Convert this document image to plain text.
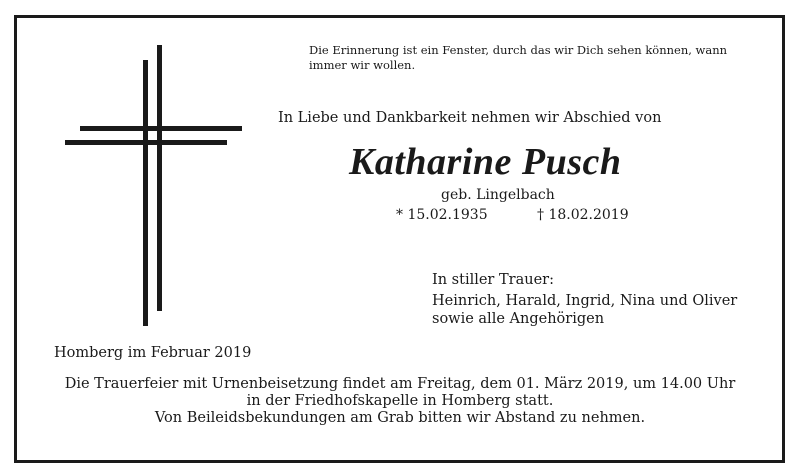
Die Erinnerung ist ein Fenster, durch das wir Dich sehen können, wann immer wir wollen.
In Liebe und Dankbarkeit nehmen wir Abschied von
Katharine Pusch
geb. Lingelbach
* 15.02.1935	† 18.02.2019
In stiller Trauer:
Heinrich, Harald, Ingrid, Nina und Oliver
sowie alle Angehörigen
Homberg im Februar 2019
Die Trauerfeier mit Urnenbeisetzung findet am Freitag, dem 01. März 2019, um 14.00 Uhr
in der Friedhofskapelle in Homberg statt.
Von Beileidsbekundungen am Grab bitten wir Abstand zu nehmen.
